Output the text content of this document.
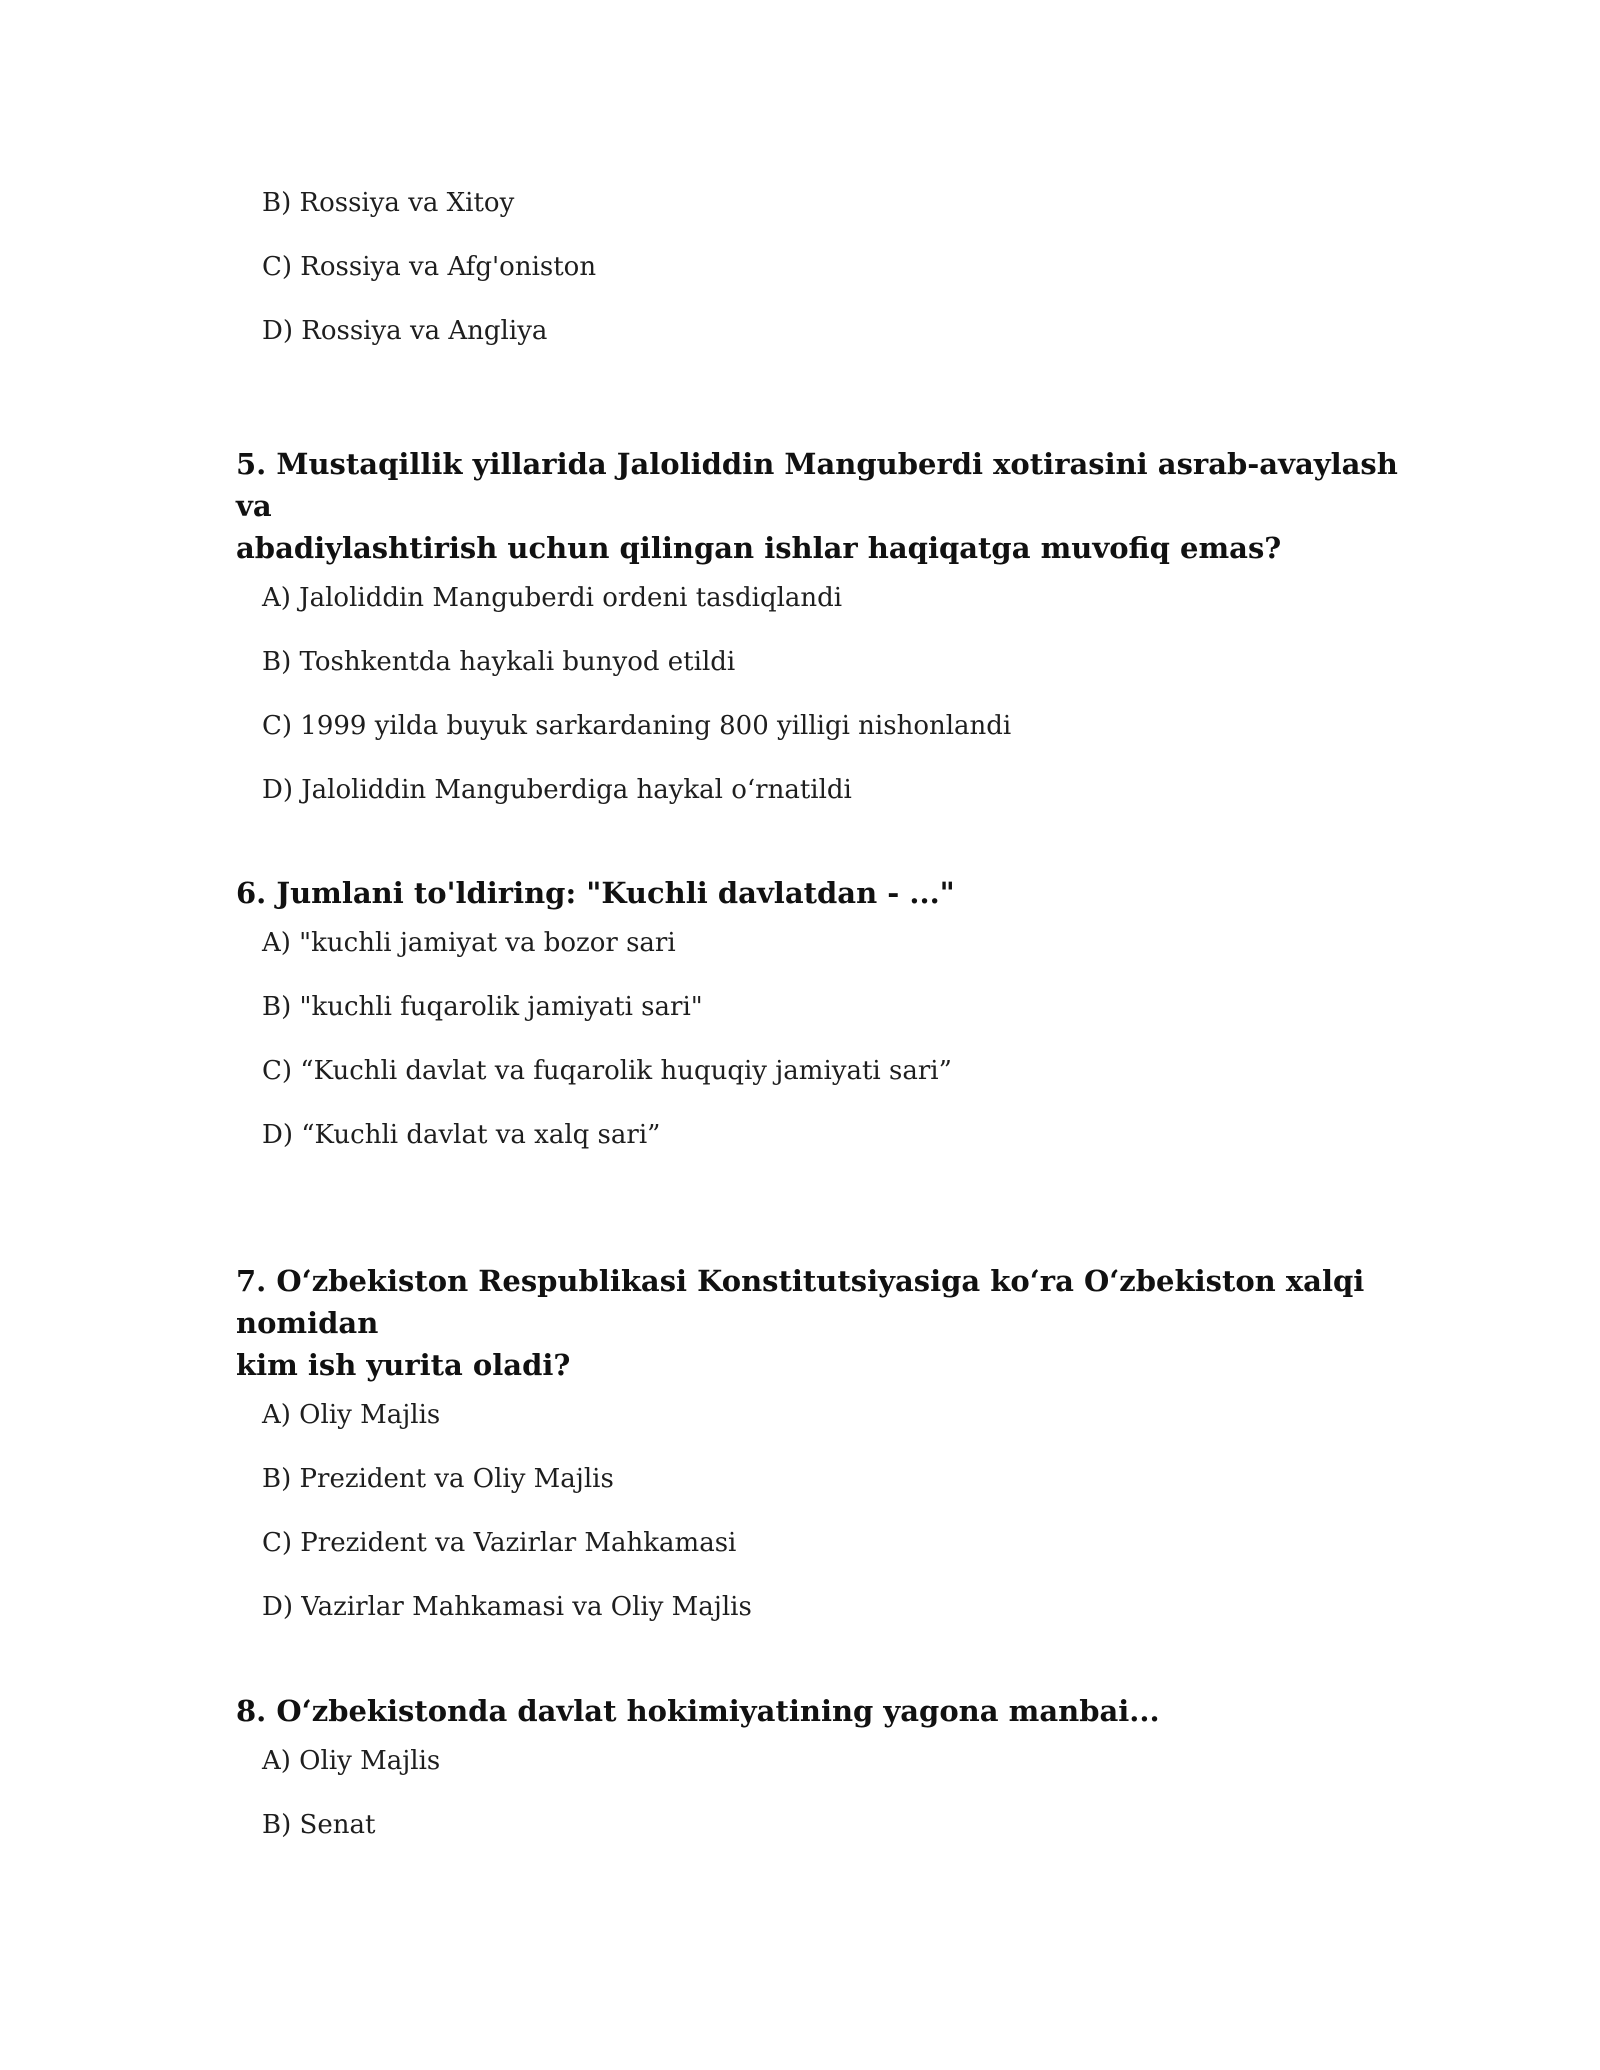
B) Rossiya va Xitoy
C) Rossiya va Afg'oniston
D) Rossiya va Angliya
5. Mustaqillik yillarida Jaloliddin Manguberdi xotirasini asrab-avaylash va
abadiylashtirish uchun qilingan ishlar haqiqatga muvofiq emas?
A) Jaloliddin Manguberdi ordeni tasdiqlandi
B) Toshkentda haykali bunyod etildi
C) 1999 yilda buyuk sarkardaning 800 yilligi nishonlandi
D) Jaloliddin Manguberdiga haykal o‘rnatildi
6. Jumlani to'ldiring: "Kuchli davlatdan - ..."
A) "kuchli jamiyat va bozor sari
B) "kuchli fuqarolik jamiyati sari"
C) “Kuchli davlat va fuqarolik huquqiy jamiyati sari”
D) “Kuchli davlat va xalq sari”
7. O‘zbekiston Respublikasi Konstitutsiyasiga ko‘ra O‘zbekiston xalqi nomidan
kim ish yurita oladi?
A) Oliy Majlis
B) Prezident va Oliy Majlis
C) Prezident va Vazirlar Mahkamasi
D) Vazirlar Mahkamasi va Oliy Majlis
8. O‘zbekistonda davlat hokimiyatining yagona manbai...
A) Oliy Majlis
B) Senat
